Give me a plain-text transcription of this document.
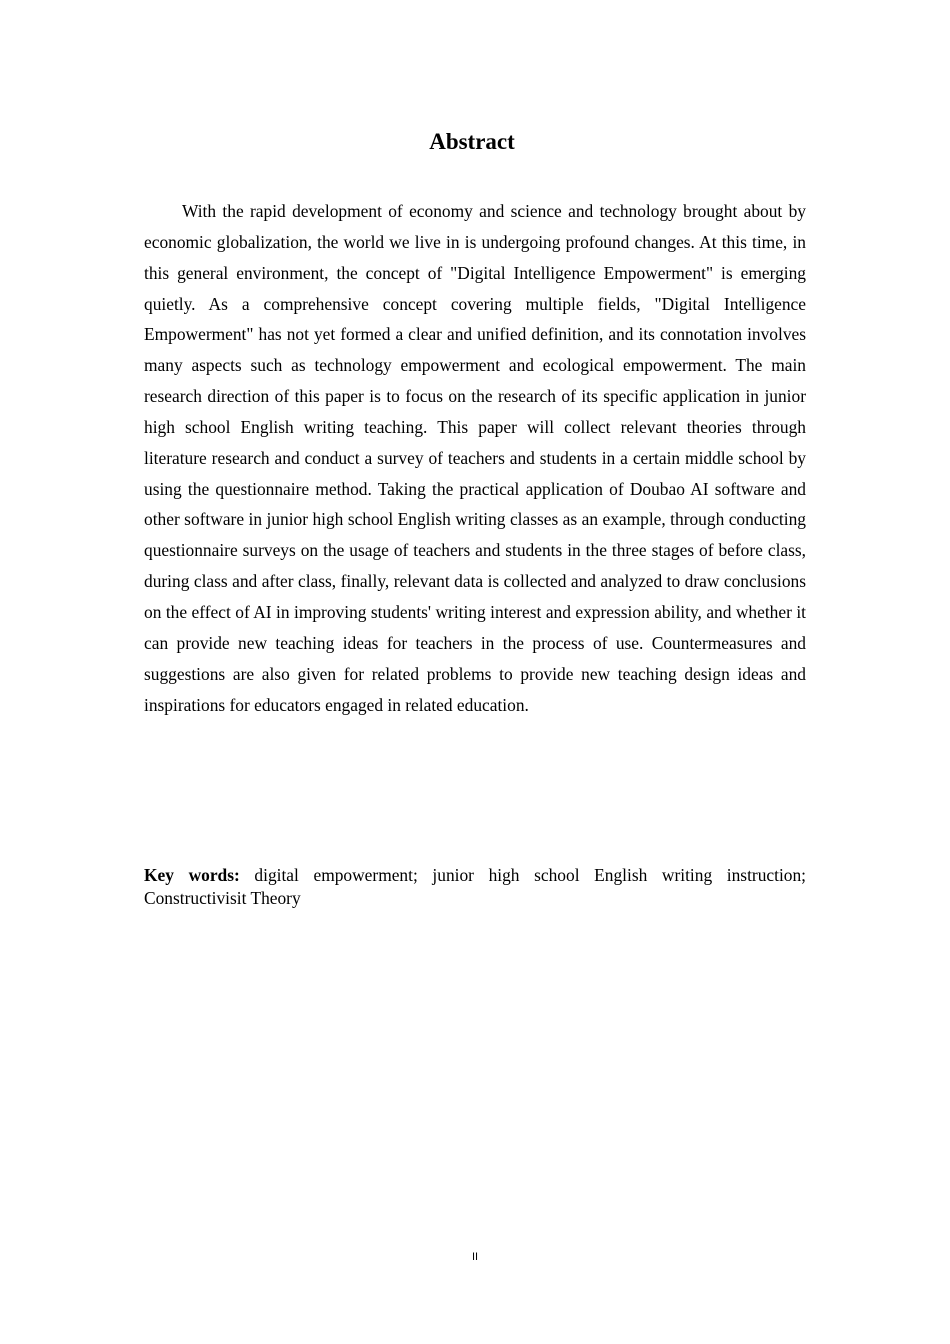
Abstract

With the rapid development of economy and science and technology brought about by economic globalization, the world we live in is undergoing profound changes. At this time, in this general environment, the concept of "Digital Intelligence Empowerment" is emerging quietly. As a comprehensive concept covering multiple fields, "Digital Intelligence Empowerment" has not yet formed a clear and unified definition, and its connotation involves many aspects such as technology empowerment and ecological empowerment. The main research direction of this paper is to focus on the research of its specific application in junior high school English writing teaching. This paper will collect relevant theories through literature research and conduct a survey of teachers and students in a certain middle school by using the questionnaire method. Taking the practical application of Doubao AI software and other software in junior high school English writing classes as an example, through conducting questionnaire surveys on the usage of teachers and students in the three stages of before class, during class and after class, finally, relevant data is collected and analyzed to draw conclusions on the effect of AI in improving students' writing interest and expression ability, and whether it can provide new teaching ideas for teachers in the process of use. Countermeasures and suggestions are also given for related problems to provide new teaching design ideas and inspirations for educators engaged in related education.

Key words: digital empowerment; junior high school English writing instruction; Constructivisit Theory

II
